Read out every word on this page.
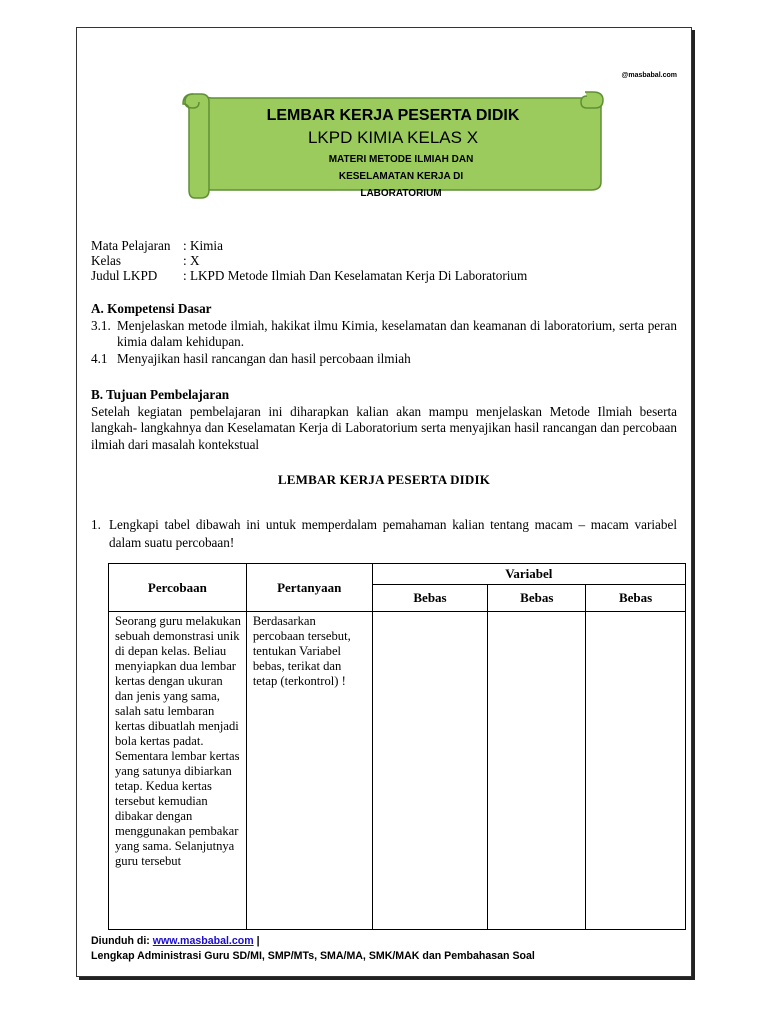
@masbabal.com
LEMBAR KERJA PESERTA DIDIK
LKPD KIMIA KELAS X
MATERI METODE ILMIAH DAN KESELAMATAN KERJA DI
LABORATORIUM
Mata Pelajaran : Kimia
Kelas	: X
Judul LKPD	: LKPD Metode Ilmiah Dan Keselamatan Kerja Di Laboratorium
A. Kompetensi Dasar
3.1. Menjelaskan metode ilmiah, hakikat ilmu Kimia, keselamatan dan keamanan di laboratorium, serta peran kimia dalam kehidupan.
4.1 Menyajikan hasil rancangan dan hasil percobaan ilmiah
B. Tujuan Pembelajaran
Setelah kegiatan pembelajaran ini diharapkan kalian akan mampu menjelaskan Metode Ilmiah beserta langkah- langkahnya dan Keselamatan Kerja di Laboratorium serta menyajikan hasil rancangan dan percobaan ilmiah dari masalah kontekstual
LEMBAR KERJA PESERTA DIDIK
1. Lengkapi tabel dibawah ini untuk memperdalam pemahaman kalian tentang macam – macam variabel dalam suatu percobaan!
Percobaan	Pertanyaan	Variabel		
		Bebas	Bebas	Bebas
Seorang guru melakukan sebuah demonstrasi unik di depan kelas. Beliau menyiapkan dua lembar kertas dengan ukuran dan jenis yang sama, salah satu lembaran kertas dibuatlah menjadi bola kertas padat. Sementara lembar kertas yang satunya dibiarkan tetap. Kedua kertas tersebut kemudian dibakar dengan menggunakan pembakar yang sama. Selanjutnya guru tersebut	Berdasarkan percobaan tersebut, tentukan Variabel bebas, terikat dan tetap (terkontrol) !			
Diunduh di: www.masbabal.com |
Lengkap Administrasi Guru SD/MI, SMP/MTs, SMA/MA, SMK/MAK dan Pembahasan Soal
